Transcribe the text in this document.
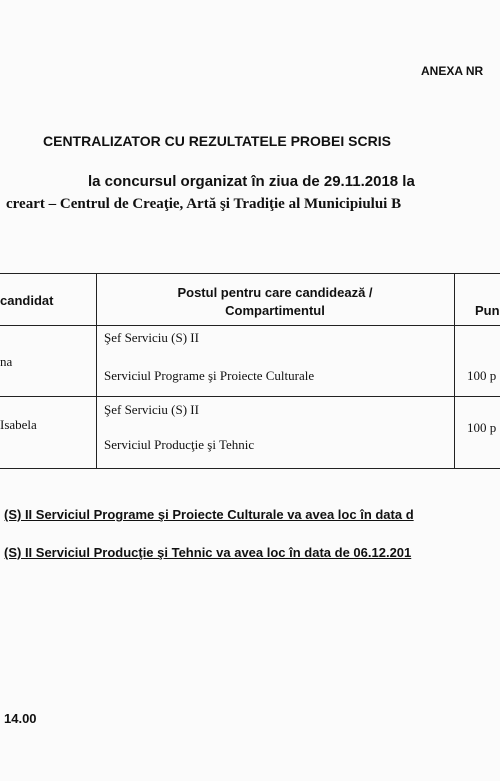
ANEXA NR
CENTRALIZATOR CU REZULTATELE PROBEI SCRIS
la concursul organizat în ziua de 29.11.2018 la
creart – Centrul de Creaţie, Artă şi Tradiţie al Municipiului B
candidat
Postul pentru care candidează /
Compartimentul	Pun
na
Şef Serviciu (S) II
Serviciul Programe şi Proiecte Culturale	100 p
Isabela
Şef Serviciu (S) II
Serviciul Producţie şi Tehnic
100 p
(S) II Serviciul Programe şi Proiecte Culturale va avea loc în data d
(S) II Serviciul Producţie şi Tehnic va avea loc în data de 06.12.201
14.00
